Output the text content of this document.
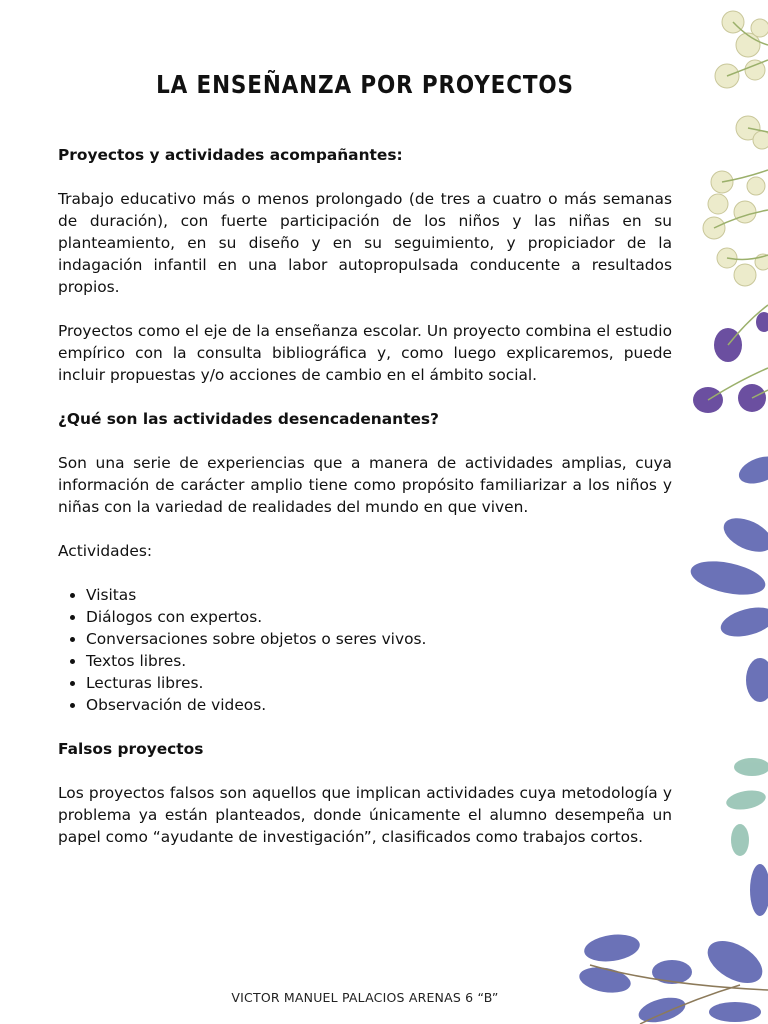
LA ENSEÑANZA POR PROYECTOS

Proyectos y actividades acompañantes:

Trabajo educativo más o menos prolongado (de tres a cuatro o más semanas de duración), con fuerte participación de los niños y las niñas en su planteamiento, en su diseño y en su seguimiento, y propiciador de la indagación infantil en una labor autopropulsada conducente a resultados propios.

Proyectos como el eje de la enseñanza escolar. Un proyecto combina el estudio empírico con la consulta bibliográfica y, como luego explicaremos, puede incluir propuestas y/o acciones de cambio en el ámbito social.

¿Qué son las actividades desencadenantes?

Son una serie de experiencias que a manera de actividades amplias, cuya información de carácter amplio tiene como propósito familiarizar a los niños y niñas con la variedad de realidades del mundo en que viven.

Actividades:

• Visitas
• Diálogos con expertos.
• Conversaciones sobre objetos o seres vivos.
• Textos libres.
• Lecturas libres.
• Observación de videos.

Falsos proyectos

Los proyectos falsos son aquellos que implican actividades cuya metodología y problema ya están planteados, donde únicamente el alumno desempeña un papel como “ayudante de investigación”, clasificados como trabajos cortos.

VICTOR MANUEL PALACIOS ARENAS 6 “B”
